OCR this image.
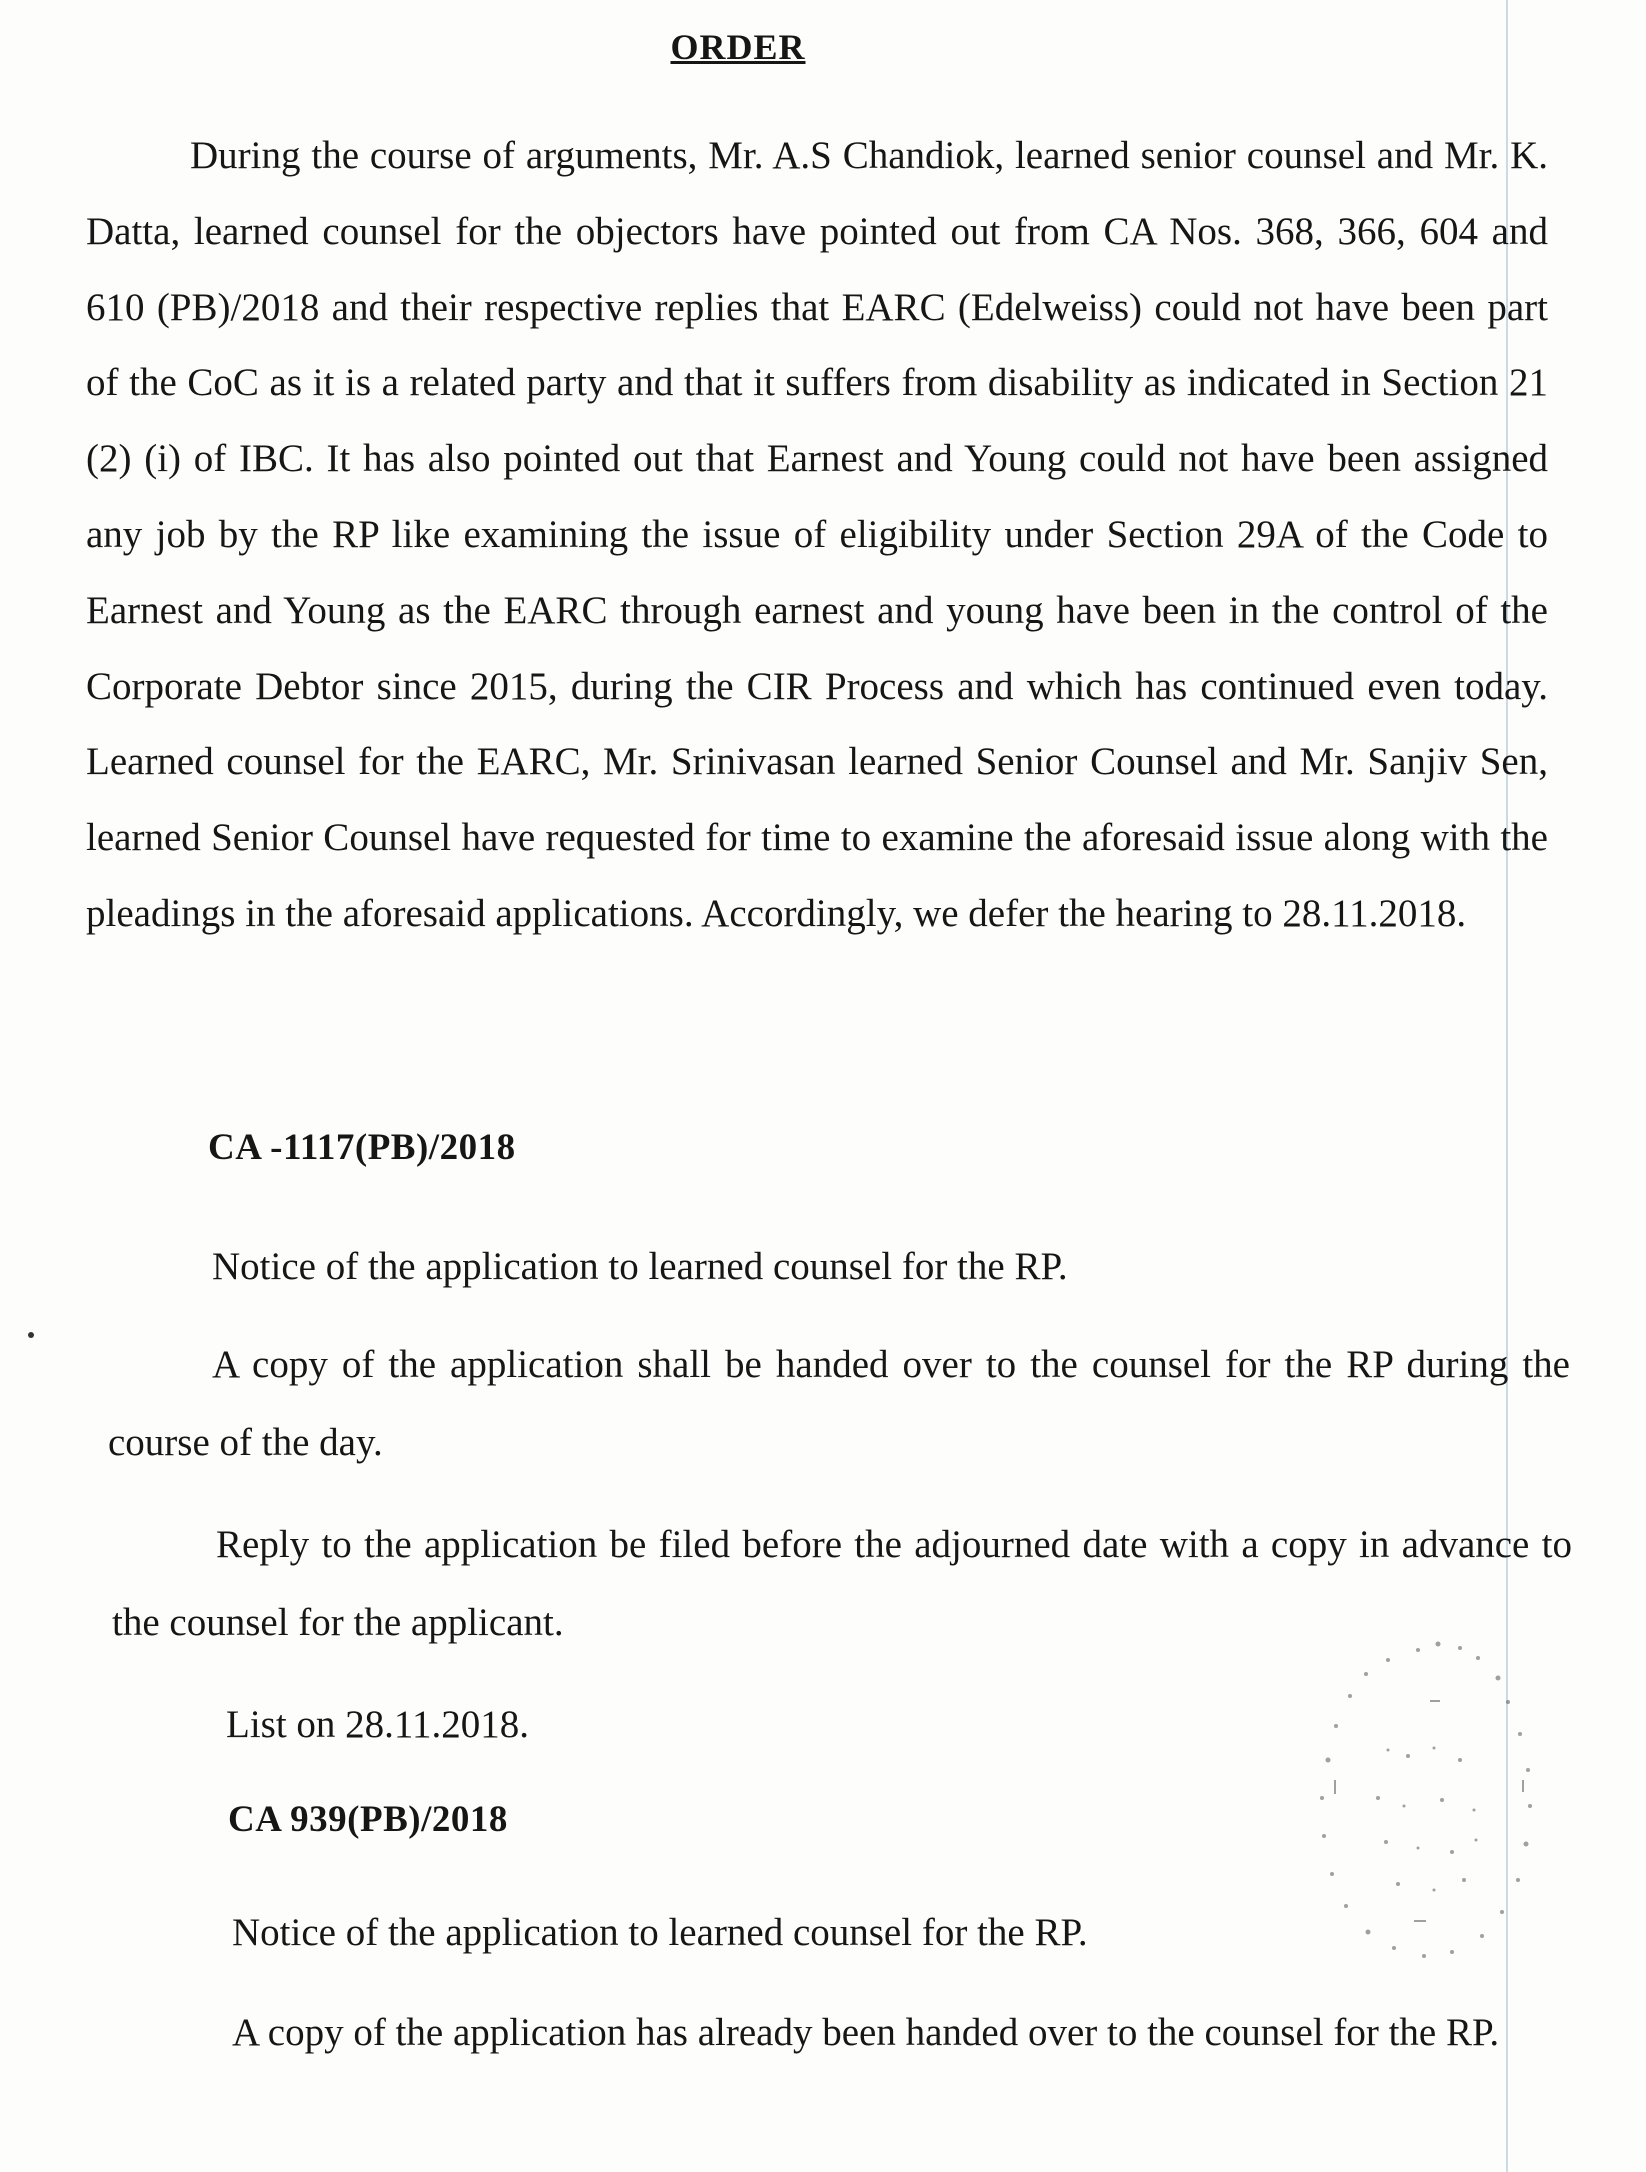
ORDER

During the course of arguments, Mr. A.S Chandiok, learned senior counsel and Mr. K. Datta, learned counsel for the objectors have pointed out from CA Nos. 368, 366, 604 and 610 (PB)/2018 and their respective replies that EARC (Edelweiss) could not have been part of the CoC as it is a related party and that it suffers from disability as indicated in Section 21 (2) (i) of IBC. It has also pointed out that Earnest and Young could not have been assigned any job by the RP like examining the issue of eligibility under Section 29A of the Code to Earnest and Young as the EARC through earnest and young have been in the control of the Corporate Debtor since 2015, during the CIR Process and which has continued even today. Learned counsel for the EARC, Mr. Srinivasan learned Senior Counsel and Mr. Sanjiv Sen, learned Senior Counsel have requested for time to examine the aforesaid issue along with the pleadings in the aforesaid applications. Accordingly, we defer the hearing to 28.11.2018.

CA -1117(PB)/2018

Notice of the application to learned counsel for the RP.

A copy of the application shall be handed over to the counsel for the RP during the course of the day.

Reply to the application be filed before the adjourned date with a copy in advance to the counsel for the applicant.

List on 28.11.2018.

CA 939(PB)/2018

Notice of the application to learned counsel for the RP.

A copy of the application has already been handed over to the counsel for the RP.
